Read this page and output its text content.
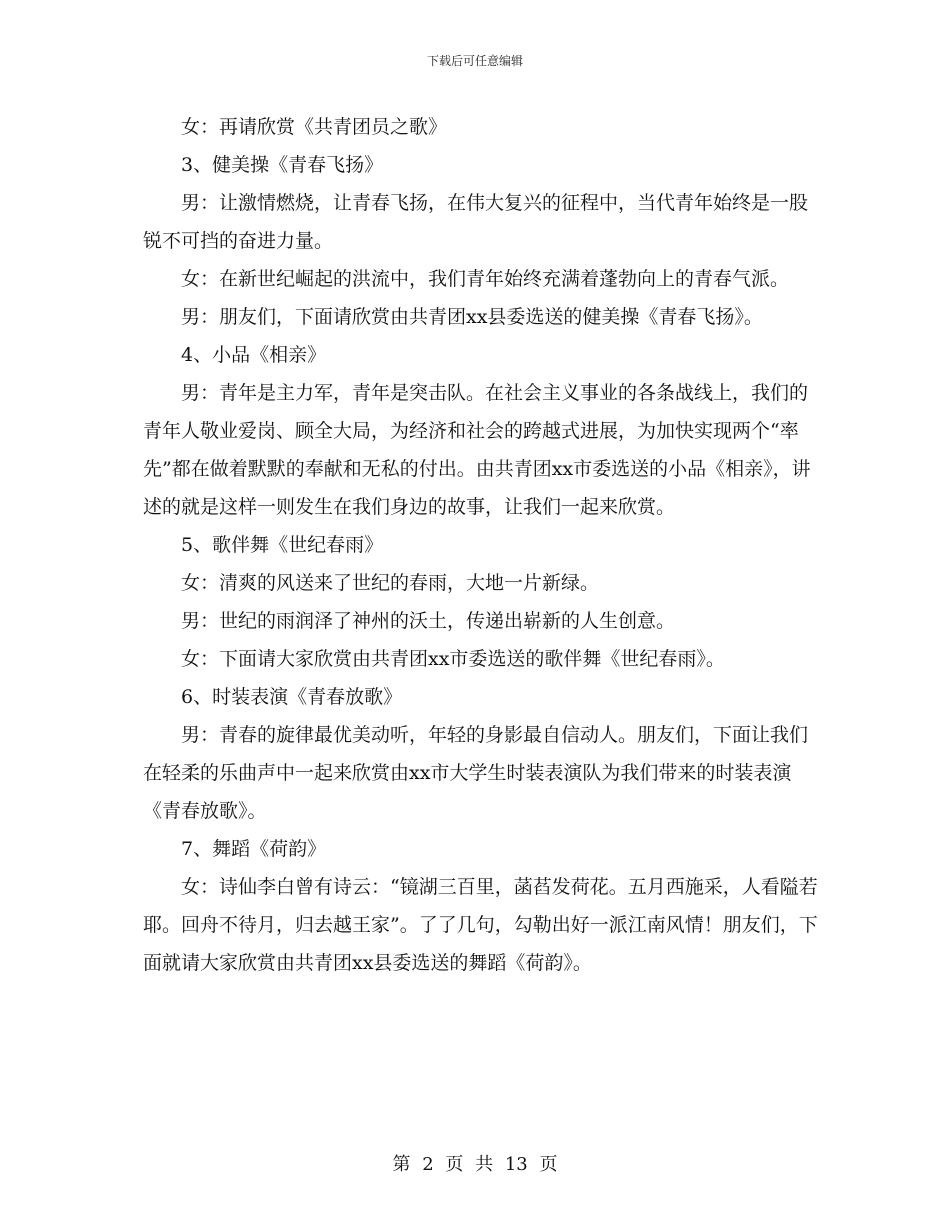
下载后可任意编辑

女：再请欣赏《共青团员之歌》

3、健美操《青春飞扬》

男：让激情燃烧，让青春飞扬，在伟大复兴的征程中，当代青年始终是一股锐不可挡的奋进力量。

女：在新世纪崛起的洪流中，我们青年始终充满着蓬勃向上的青春气派。

男：朋友们，下面请欣赏由共青团xx县委选送的健美操《青春飞扬》。

4、小品《相亲》

男：青年是主力军，青年是突击队。在社会主义事业的各条战线上，我们的青年人敬业爱岗、顾全大局，为经济和社会的跨越式进展，为加快实现两个“率先”都在做着默默的奉献和无私的付出。由共青团xx市委选送的小品《相亲》，讲述的就是这样一则发生在我们身边的故事，让我们一起来欣赏。

5、歌伴舞《世纪春雨》

女：清爽的风送来了世纪的春雨，大地一片新绿。

男：世纪的雨润泽了神州的沃土，传递出崭新的人生创意。

女：下面请大家欣赏由共青团xx市委选送的歌伴舞《世纪春雨》。

6、时装表演《青春放歌》

男：青春的旋律最优美动听，年轻的身影最自信动人。朋友们，下面让我们在轻柔的乐曲声中一起来欣赏由xx市大学生时装表演队为我们带来的时装表演《青春放歌》。

7、舞蹈《荷韵》

女：诗仙李白曾有诗云：“镜湖三百里，菡萏发荷花。五月西施采，人看隘若耶。回舟不待月，归去越王家”。了了几句，勾勒出好一派江南风情！朋友们，下面就请大家欣赏由共青团xx县委选送的舞蹈《荷韵》。

第 2 页 共 13 页
